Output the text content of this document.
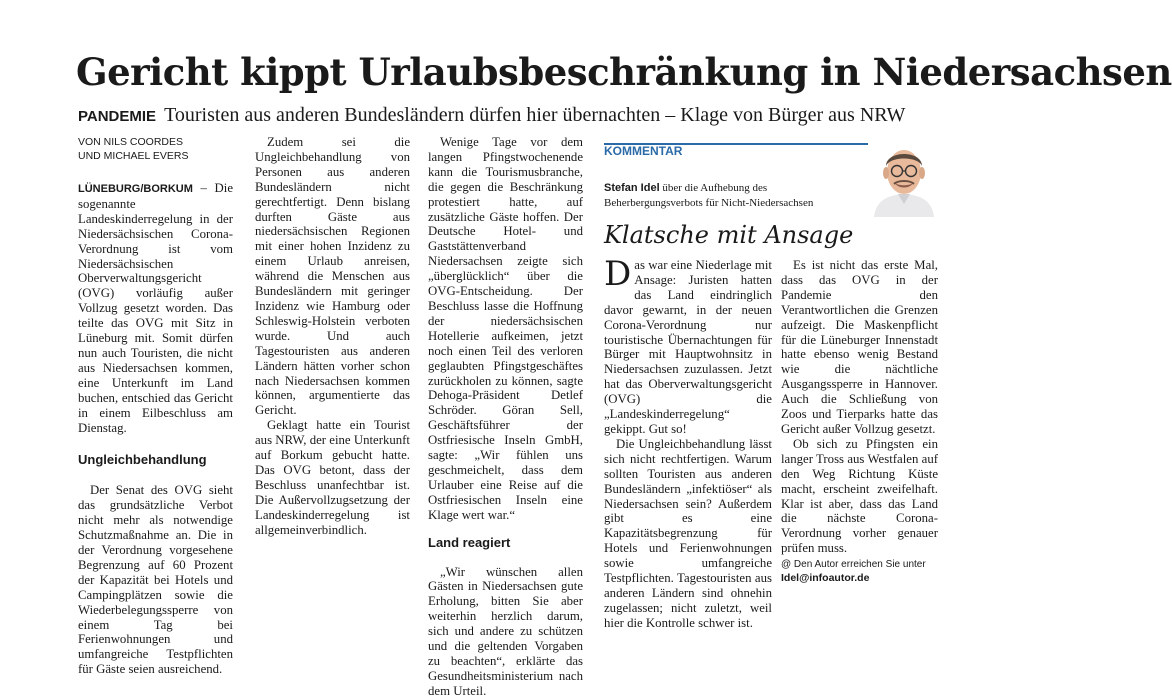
Gericht kippt Urlaubsbeschränkung in Niedersachsen
PANDEMIE Touristen aus anderen Bundesländern dürfen hier übernachten – Klage von Bürger aus NRW
VON NILS COORDES
UND MICHAEL EVERS

LÜNEBURG/BORKUM – Die sogenannte Landeskinderregelung in der Niedersächsischen Corona-Verordnung ist vom Niedersächsischen Oberverwaltungsgericht (OVG) vorläufig außer Vollzug gesetzt worden. Das teilte das OVG mit Sitz in Lüneburg mit. Somit dürfen nun auch Touristen, die nicht aus Niedersachsen kommen, eine Unterkunft im Land buchen, entschied das Gericht in einem Eilbeschluss am Dienstag.

Ungleichbehandlung

Der Senat des OVG sieht das grundsätzliche Verbot nicht mehr als notwendige Schutzmaßnahme an. Die in der Verordnung vorgesehene Begrenzung auf 60 Prozent der Kapazität bei Hotels und Campingplätzen sowie die Wiederbelegungssperre von einem Tag bei Ferienwohnungen und umfangreiche Testpflichten für Gäste seien ausreichend.

Zudem sei die Ungleichbehandlung von Personen aus anderen Bundesländern nicht gerechtfertigt. Denn bislang durften Gäste aus niedersächsischen Regionen mit einer hohen Inzidenz zu einem Urlaub anreisen, während die Menschen aus Bundesländern mit geringer Inzidenz wie Hamburg oder Schleswig-Holstein verboten wurde. Und auch Tagestouristen aus anderen Ländern hätten vorher schon nach Niedersachsen kommen können, argumentierte das Gericht.

Geklagt hatte ein Tourist aus NRW, der eine Unterkunft auf Borkum gebucht hatte. Das OVG betont, dass der Beschluss unanfechtbar ist. Die Außervollzugsetzung der Landeskinderregelung ist allgemeinverbindlich.

Wenige Tage vor dem langen Pfingstwochenende kann die Tourismusbranche, die gegen die Beschränkung protestiert hatte, auf zusätzliche Gäste hoffen. Der Deutsche Hotel- und Gaststättenverband Niedersachsen zeigte sich „überglücklich“ über die OVG-Entscheidung. Der Beschluss lasse die Hoffnung der niedersächsischen Hotellerie aufkeimen, jetzt noch einen Teil des verloren geglaubten Pfingstgeschäftes zurückholen zu können, sagte Dehoga-Präsident Detlef Schröder. Göran Sell, Geschäftsführer der Ostfriesische Inseln GmbH, sagte: „Wir fühlen uns geschmeichelt, dass dem Urlauber eine Reise auf die Ostfriesischen Inseln eine Klage wert war.“

Land reagiert

„Wir wünschen allen Gästen in Niedersachsen gute Erholung, bitten Sie aber weiterhin herzlich darum, sich und andere zu schützen und die geltenden Vorgaben zu beachten“, erklärte das Gesundheitsministerium nach dem Urteil.

KOMMENTAR
Stefan Idel über die Aufhebung des Beherbergungsverbots für Nicht-Niedersachsen
Klatsche mit Ansage

Das war eine Niederlage mit Ansage: Juristen hatten das Land eindringlich davor gewarnt, in der neuen Corona-Verordnung nur touristische Übernachtungen für Bürger mit Hauptwohnsitz in Niedersachsen zuzulassen. Jetzt hat das Oberverwaltungsgericht (OVG) die „Landeskinderregelung“ gekippt. Gut so!

Die Ungleichbehandlung lässt sich nicht rechtfertigen. Warum sollten Touristen aus anderen Bundesländern „infektiöser“ als Niedersachsen sein? Außerdem gibt es eine Kapazitätsbegrenzung für Hotels und Ferienwohnungen sowie umfangreiche Testpflichten. Tagestouristen aus anderen Ländern sind ohnehin zugelassen; nicht zuletzt, weil hier die Kontrolle schwer ist.

Es ist nicht das erste Mal, dass das OVG in der Pandemie den Verantwortlichen die Grenzen aufzeigt. Die Maskenpflicht für die Lüneburger Innenstadt hatte ebenso wenig Bestand wie die nächtliche Ausgangssperre in Hannover. Auch die Schließung von Zoos und Tierparks hatte das Gericht außer Vollzug gesetzt.

Ob sich zu Pfingsten ein langer Tross aus Westfalen auf den Weg Richtung Küste macht, erscheint zweifelhaft. Klar ist aber, dass das Land die nächste Corona-Verordnung vorher genauer prüfen muss.

@ Den Autor erreichen Sie unter
Idel@infoautor.de
